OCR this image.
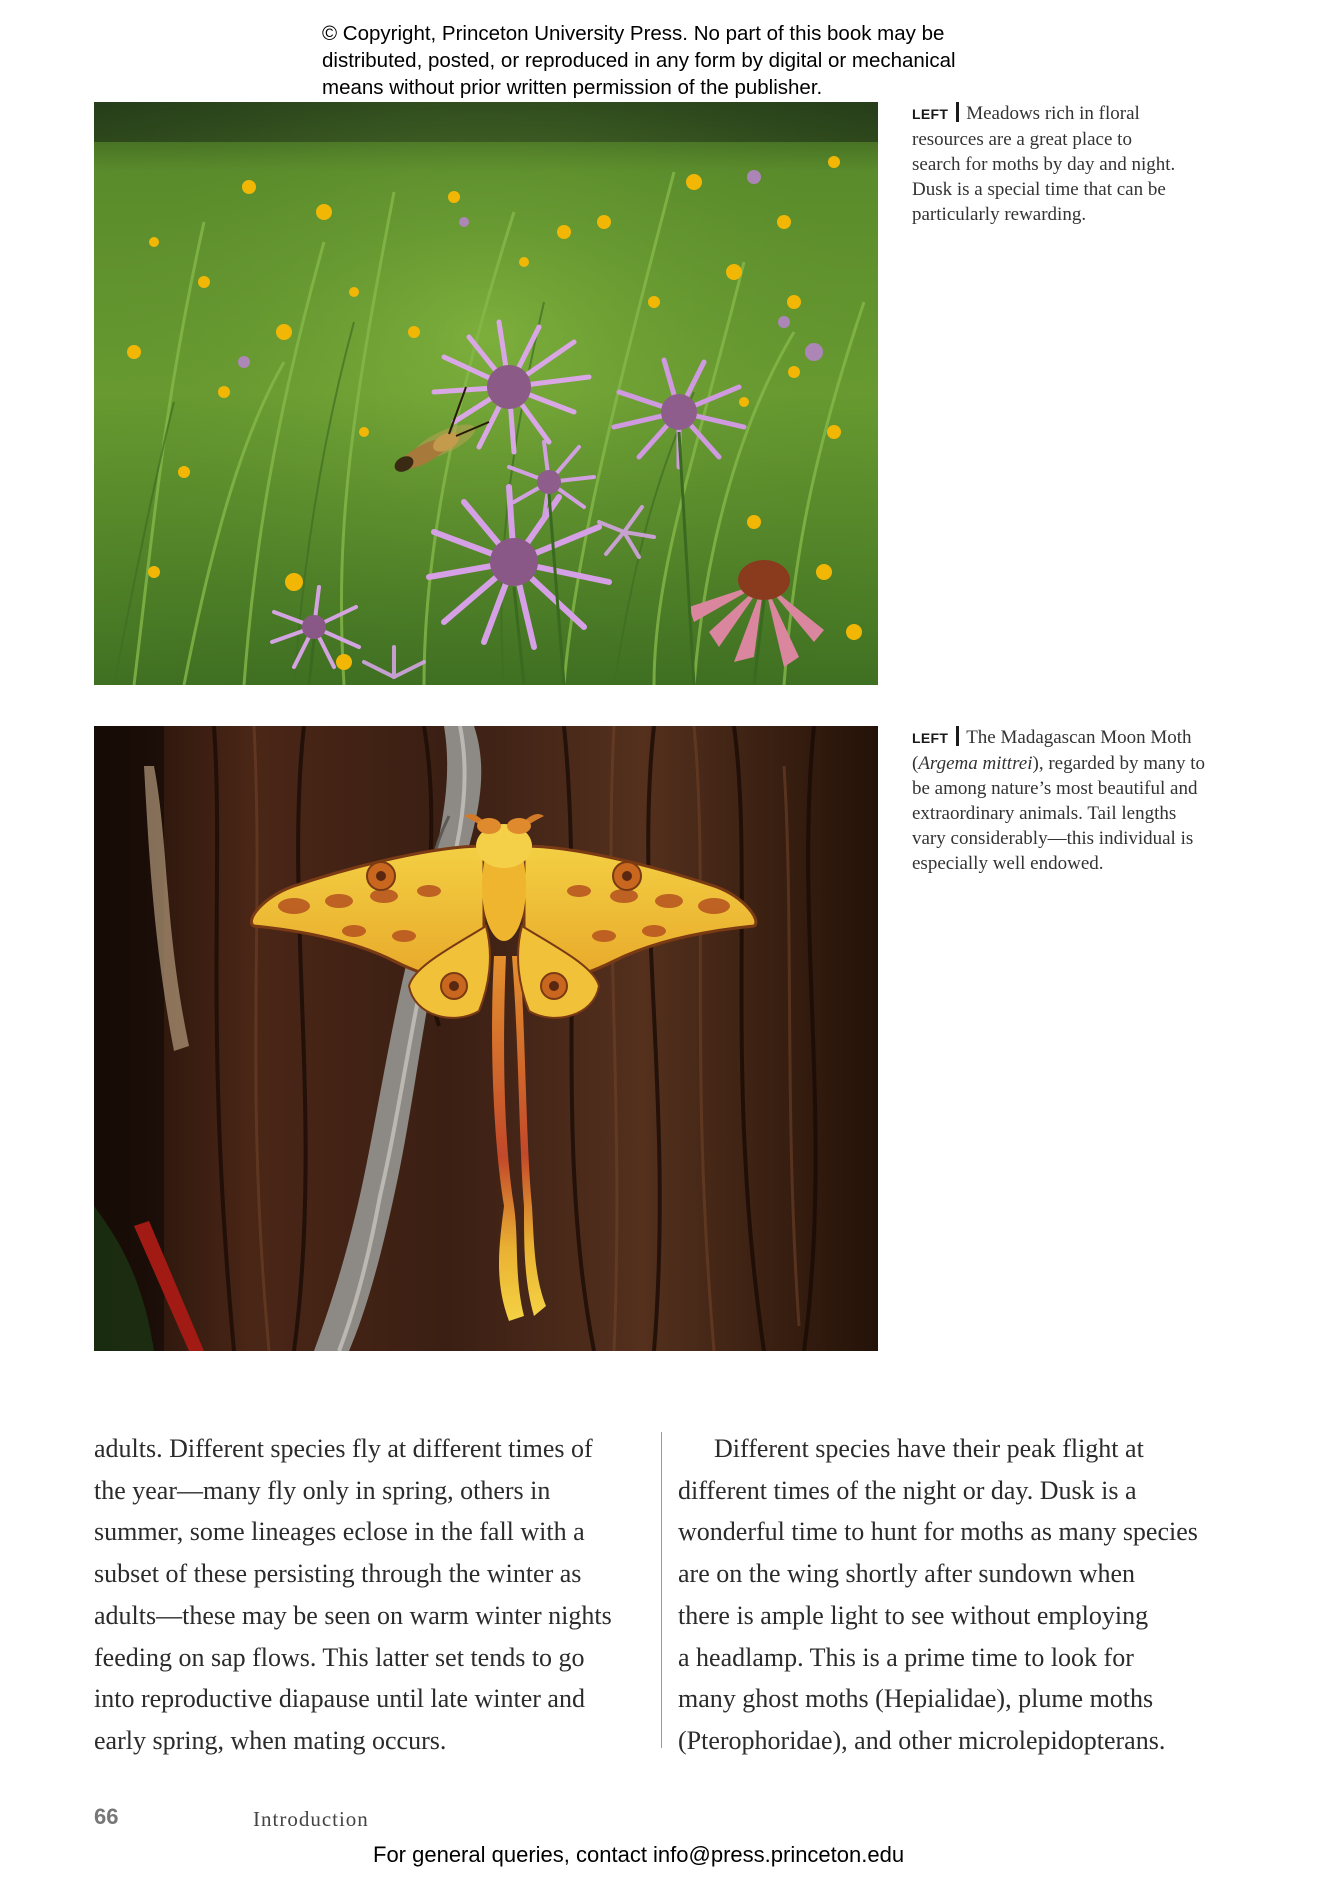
© Copyright, Princeton University Press. No part of this book may be
distributed, posted, or reproduced in any form by digital or mechanical
means without prior written permission of the publisher.
LEFT Meadows rich in floral
resources are a great place to
search for moths by day and night.
Dusk is a special time that can be
particularly rewarding.
LEFT The Madagascan Moon Moth
(Argema mittrei), regarded by many to
be among nature’s most beautiful and
extraordinary animals. Tail lengths
vary considerably—this individual is
especially well endowed.
adults. Different species fly at different times of
the year—many fly only in spring, others in
summer, some lineages eclose in the fall with a
subset of these persisting through the winter as
adults—these may be seen on warm winter nights
feeding on sap flows. This latter set tends to go
into reproductive diapause until late winter and
early spring, when mating occurs.
Different species have their peak flight at
different times of the night or day. Dusk is a
wonderful time to hunt for moths as many species
are on the wing shortly after sundown when
there is ample light to see without employing
a headlamp. This is a prime time to look for
many ghost moths (Hepialidae), plume moths
(Pterophoridae), and other microlepidopterans.
66	Introduction
For general queries, contact info@press.princeton.edu
